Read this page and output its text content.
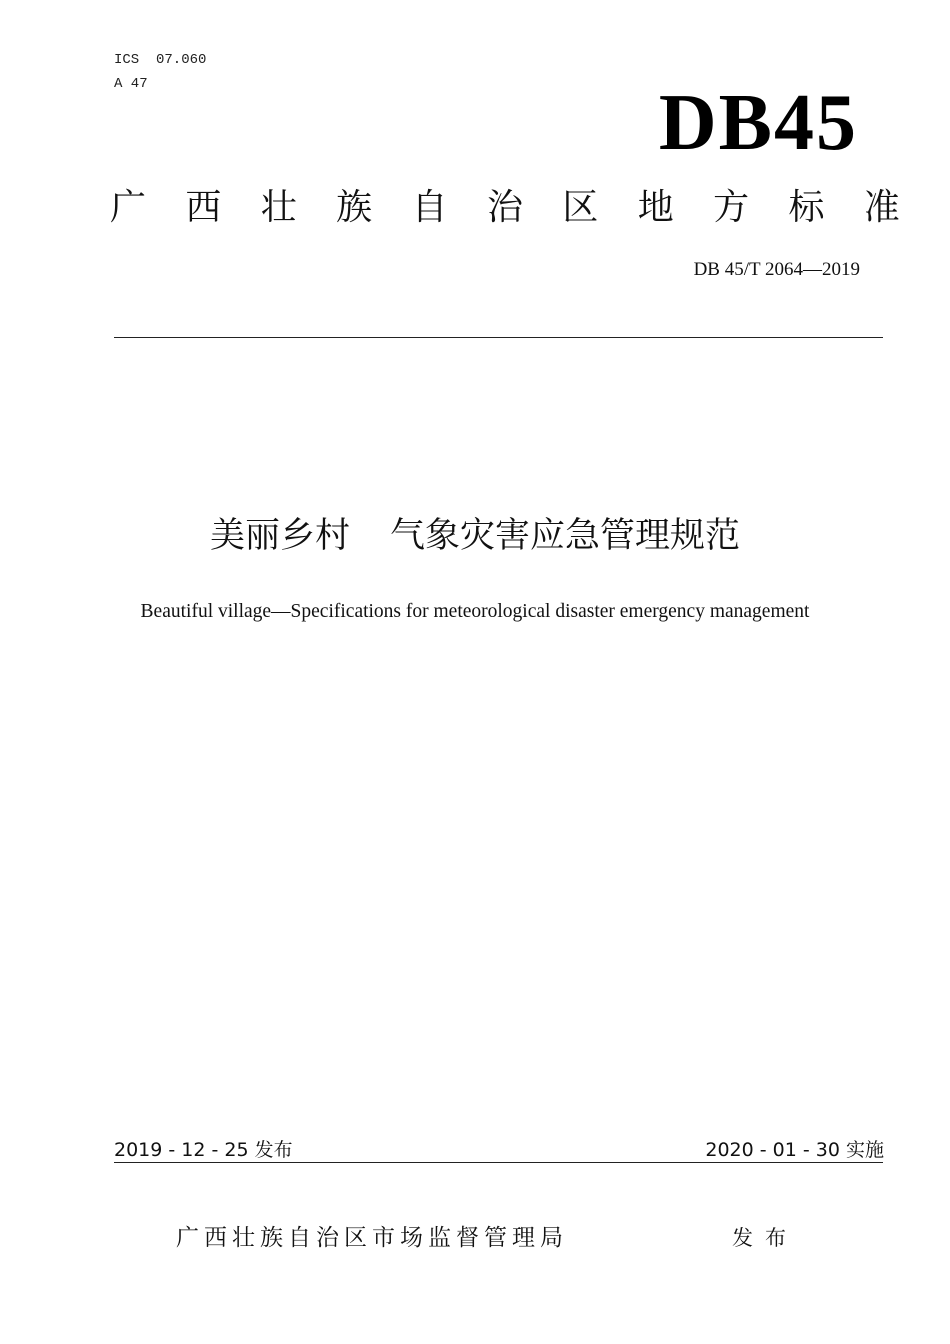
ICS  07.060
A 47	DB45
广 西 壮 族 自 治 区 地 方 标 准
DB 45/T 2064—2019
美丽乡村 气象灾害应急管理规范
Beautiful village—Specifications for meteorological disaster emergency management
2019 - 12 - 25 发布	2020 - 01 - 30 实施
广西壮族自治区市场监督管理局	发布
